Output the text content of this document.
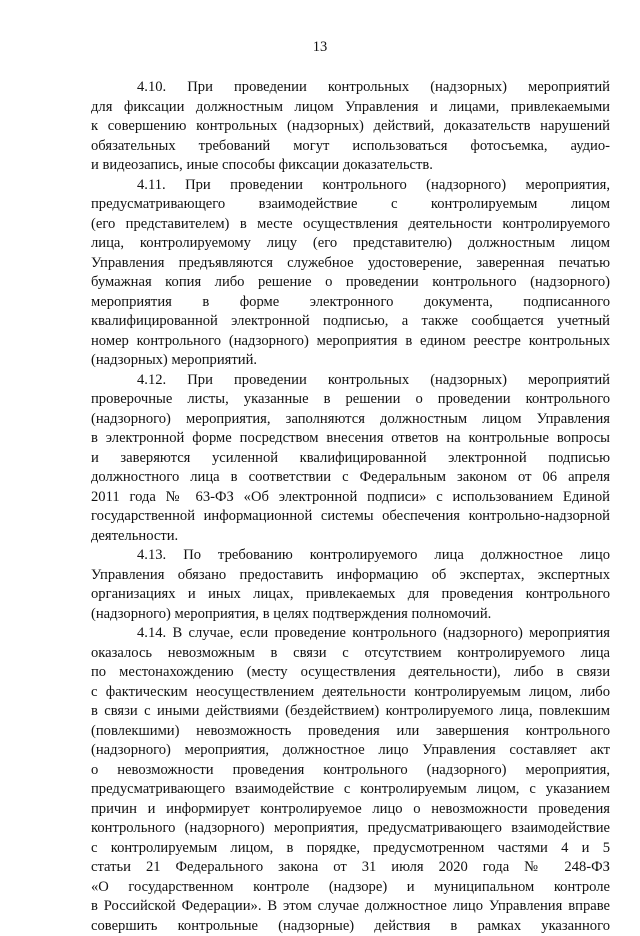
13
4.10. При проведении контрольных (надзорных) мероприятий
для фиксации должностным лицом Управления и лицами, привлекаемыми
к совершению контрольных (надзорных) действий, доказательств нарушений
обязательных требований могут использоваться фотосъемка, аудио-
и видеозапись, иные способы фиксации доказательств.
4.11. При проведении контрольного (надзорного) мероприятия,
предусматривающего взаимодействие с контролируемым лицом
(его представителем) в месте осуществления деятельности контролируемого
лица, контролируемому лицу (его представителю) должностным лицом
Управления предъявляются служебное удостоверение, заверенная печатью
бумажная копия либо решение о проведении контрольного (надзорного)
мероприятия в форме электронного документа, подписанного
квалифицированной электронной подписью, а также сообщается учетный
номер контрольного (надзорного) мероприятия в едином реестре контрольных
(надзорных) мероприятий.
4.12. При проведении контрольных (надзорных) мероприятий
проверочные листы, указанные в решении о проведении контрольного
(надзорного) мероприятия, заполняются должностным лицом Управления
в электронной форме посредством внесения ответов на контрольные вопросы
и заверяются усиленной квалифицированной электронной подписью
должностного лица в соответствии с Федеральным законом от 06 апреля
2011 года № 63-ФЗ «Об электронной подписи» с использованием Единой
государственной информационной системы обеспечения контрольно-надзорной
деятельности.
4.13. По требованию контролируемого лица должностное лицо
Управления обязано предоставить информацию об экспертах, экспертных
организациях и иных лицах, привлекаемых для проведения контрольного
(надзорного) мероприятия, в целях подтверждения полномочий.
4.14. В случае, если проведение контрольного (надзорного) мероприятия
оказалось невозможным в связи с отсутствием контролируемого лица
по местонахождению (месту осуществления деятельности), либо в связи
с фактическим неосуществлением деятельности контролируемым лицом, либо
в связи с иными действиями (бездействием) контролируемого лица, повлекшим
(повлекшими) невозможность проведения или завершения контрольного
(надзорного) мероприятия, должностное лицо Управления составляет акт
о невозможности проведения контрольного (надзорного) мероприятия,
предусматривающего взаимодействие с контролируемым лицом, с указанием
причин и информирует контролируемое лицо о невозможности проведения
контрольного (надзорного) мероприятия, предусматривающего взаимодействие
с контролируемым лицом, в порядке, предусмотренном частями 4 и 5
статьи 21 Федерального закона от 31 июля 2020 года № 248-ФЗ
«О государственном контроле (надзоре) и муниципальном контроле
в Российской Федерации». В этом случае должностное лицо Управления вправе
совершить контрольные (надзорные) действия в рамках указанного
